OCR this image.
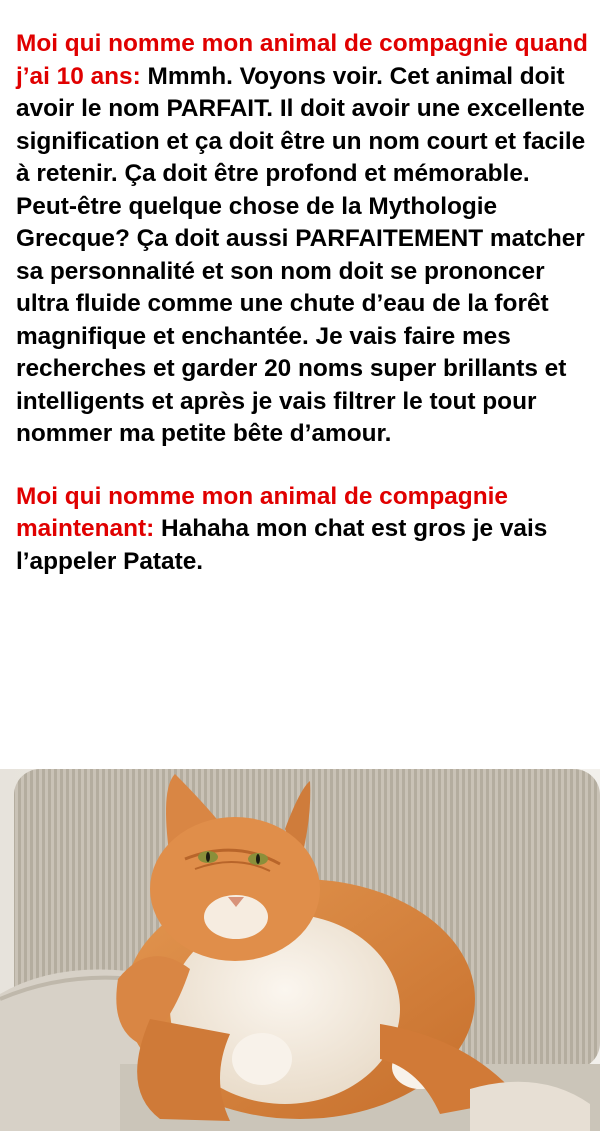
Moi qui nomme mon animal de compagnie quand j’ai 10 ans: Mmmh. Voyons voir. Cet animal doit avoir le nom PARFAIT. Il doit avoir une excellente signification et ça doit être un nom court et facile à retenir. Ça doit être profond et mémorable. Peut-être quelque chose de la Mythologie Grecque? Ça doit aussi PARFAITEMENT matcher sa personnalité et son nom doit se prononcer ultra fluide comme une chute d’eau de la forêt magnifique et enchantée. Je vais faire mes recherches et garder 20 noms super brillants et intelligents et après je vais filtrer le tout pour nommer ma petite bête d’amour.

Moi qui nomme mon animal de compagnie maintenant: Hahaha mon chat est gros je vais l’appeler Patate.
